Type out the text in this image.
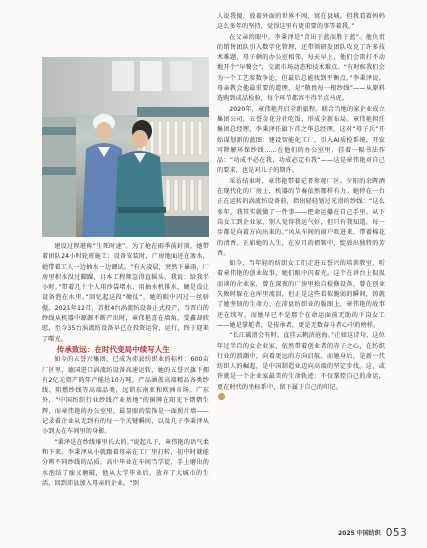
建设过程堪称“生死时速”。为了抢在雨季前封顶，她带着团队24小时轮班施工；设备安装时，广房地面还在渗水，她带着工人一边抽水一边调试。“有天凌晨，突然下暴雨，厂房里积水没过脚踝，日本工程师急得直摇头。我说：给我半小时。”带着几十个人用沙袋堵水、用抽水机排水，硬是没让设备泡在水里。”回忆起这段“硬仗”，她的眼中闪过一丝骄傲。2021年12月，首批4台涡流纺设备正式投产，当晋白的纱线从机器中源源不断产出时，章伟艳喜在墙角，受鑫却欣慰，至今35台涡流纺设备早已在投资运营，运行，终于迎来了曙光。

传承致远：在时代变局中续写人生

如今的五誉兴集团，已成为沛县纺织业的标杆：600亩厂区里，德国进口涡流纺设备高速运转，她的五誉兴旗下拥有2亿元资产的年产能达10万吨，产品涵盖高端精品各类纱线、阻燃纱线等高端品类，远销东南亚和欧洲市场。广东外，“中国纺织行业纱线产业基地”的铜牌在阳光下熠熠生辉，而章伟艳的办公室里，最显眼的装饰是一面照片墙——记录着企业从无到有的每一个关键瞬间，以及几子李秉泽从小到大在车间里的身影。

“秉泽是在纱线堆里长大的。”说起儿子，章伟艳的语气柔和下来。李秉泽从小就跟着母亲在工厂里打转，初中时就能分辨不同纱线的品质。高中毕业在车间当学徒，手上磨出的水泡结了痂又磨破，他从大学毕业后，放弃了大城市的生活，回到沛县加入母亲的企业。“别

人说我傻，放着外面的世界不闯，窝在县城。但我看着妈妈这么多年的坚持，觉得这里有更重要的事等着我。”

在父亲的眼中，李秉泽是“青出于蓝而胜于蓝”。他负责的销售团队引入数字化管理，还带领研发团队攻克了许多技术难题，母子俩的办公室相邻，每天早上，他们会雷打不动地开个“早餐会”，交流市场动态和技术难点。“有时候我们会为一个工艺参数争论，但最后总能找到平衡点。”李秉泽说，母亲教会他最重要的道理，是“敬畏每一根纱线”——从原料选购到成品检验，每个环节都容不得半点马虎。

2020年，章伟艳开启全新旅程。联合当地的家企业成立集团公司，五誉金花分社吃饭，形成全新布局。章伟艳担任集团总经理，李秉泽任旗下首之华总经理，这对“母子兵”开始谋划新的蓝图：建设智能化工厂，引入AI质检系统，开发可降解环保纱线……在他们的办公室里，挂着一幅书法作品：“功成不必在我，功成必定有我”——这是章伟艳对自己的要求，也是对儿子的期许。

采访结束时，章伟艳带着记者参观厂区。夕阳的余晖洒在现代化的厂房上，机器的节奏依然那样有力。她停在一台正在运转的涡流纺设备前，指出轻轻划过光滑的纱线：“这么多年，我其实就做了一件事——把命运攥在自己手里。从下岗女工到企业家，别人觉得我运气好，但只有我知道，每一步都是向着方向出来的。”风从车间的窗户吹进来，带着棉花的清香。正如她的人生，在岁月的褶皱中，绽放出独特的芳香。

如今，当年轻的纺织女工们走进五誉兴的培训教室，听着章伟艳的创业故事，她们眼中闪着光。这个在讲台上侃侃而谈的企业家，曾在深夜的厂房里独自检修设备，曾在创业失败时躲在仓库里流泪，但正是这些看似脆弱的瞬间，铸就了她坚韧的生命力。在沛县纺织业的版图上，章伟艳的故事还在续写，而她早已不是那个在命运面前无助的下岗女工——她是掌舵者，是传承者，更是无数奋斗者心中的榜样。

“长江破浪会有时，直挂云帆济沧海。”正如这诗句，这位年过半百的女企业家，依然带着创业者的赤子之心，在纺织行业的浪潮中，向着更远的方向启航。而她身后，是新一代纺织人的崛起，是中国制造业迈向高端的坚定步伐。这，或许就是一个企业家最美的生命轨迹：不仅掌控自己的命运，更在时代的坐标系中，留下属于自己的印记。

2025 中国纺织 053
